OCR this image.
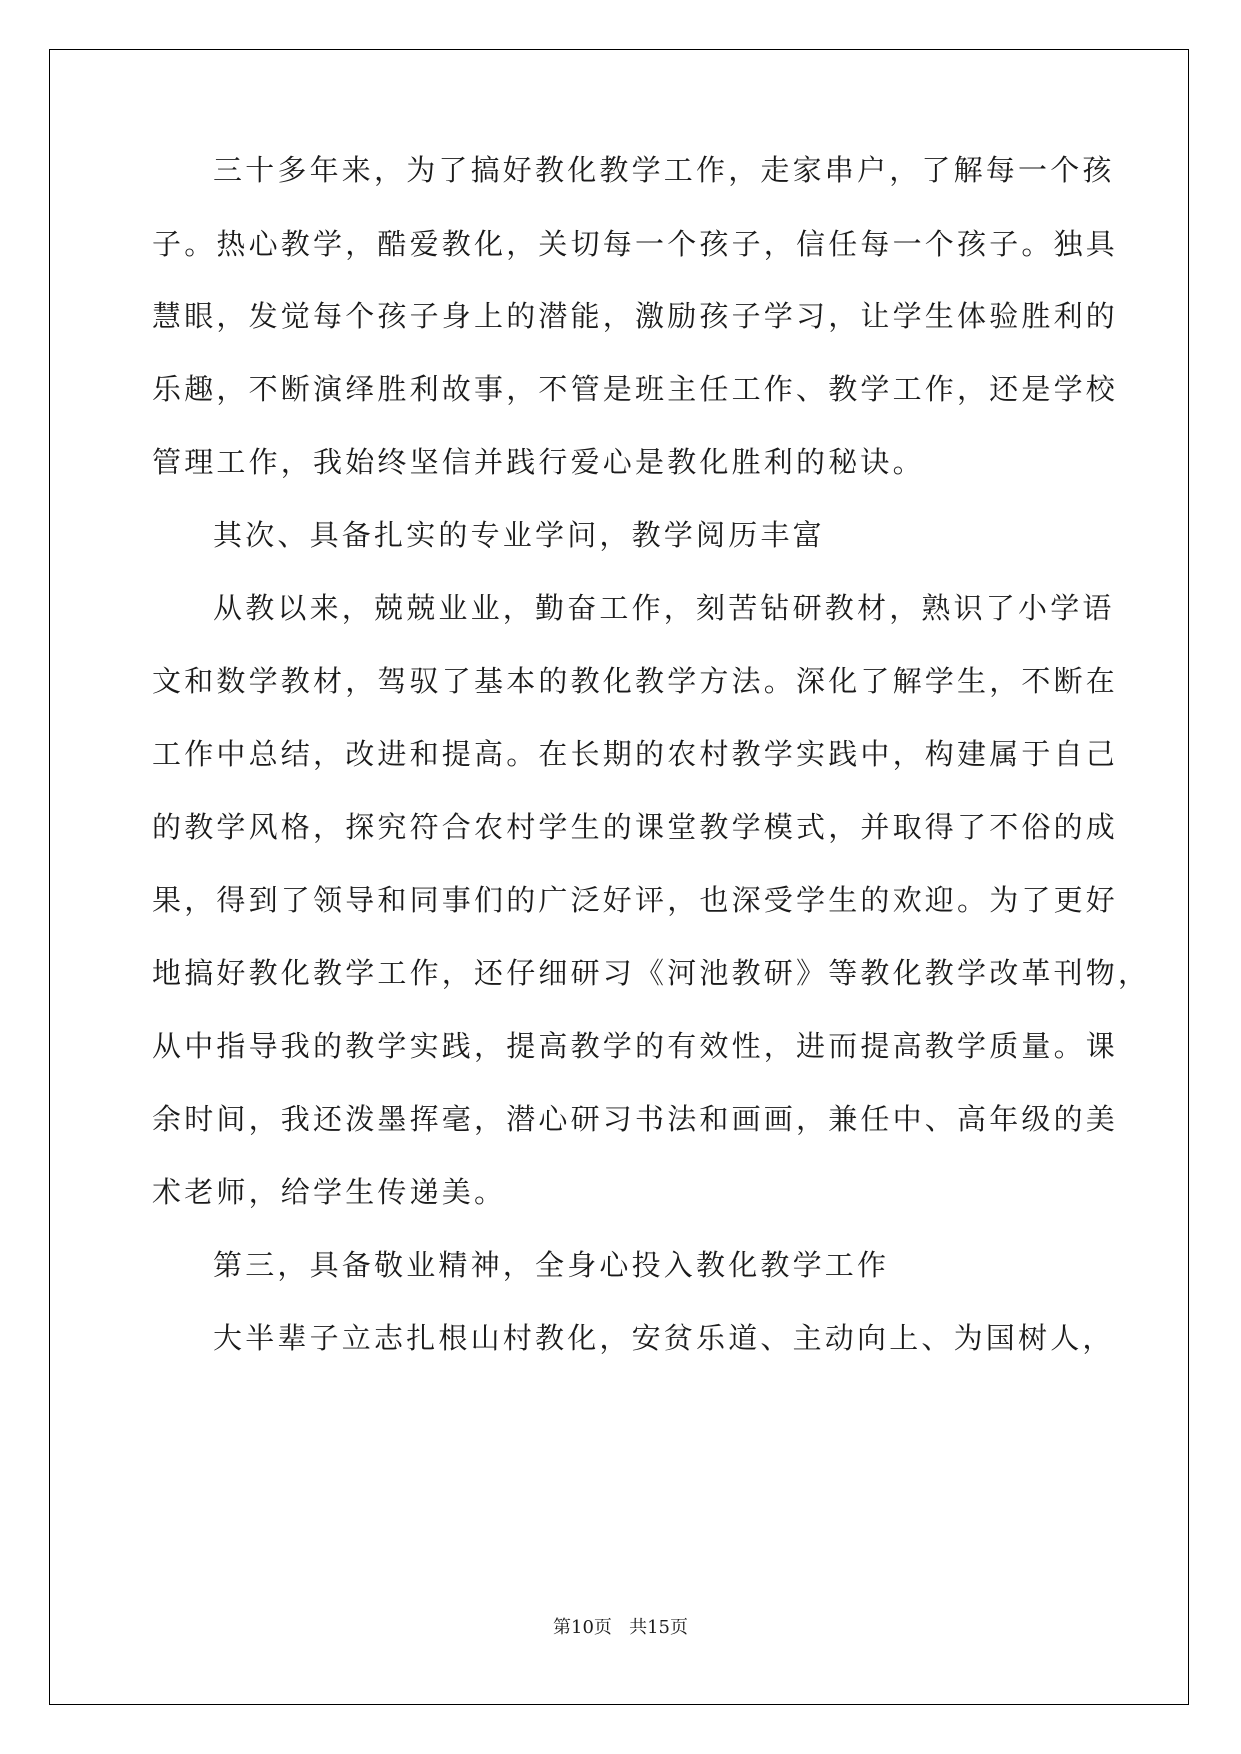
三十多年来，为了搞好教化教学工作，走家串户，了解每一个孩
子。热心教学，酷爱教化，关切每一个孩子，信任每一个孩子。独具
慧眼，发觉每个孩子身上的潜能，激励孩子学习，让学生体验胜利的
乐趣，不断演绎胜利故事，不管是班主任工作、教学工作，还是学校
管理工作，我始终坚信并践行爱心是教化胜利的秘诀。
其次、具备扎实的专业学问，教学阅历丰富
从教以来，兢兢业业，勤奋工作，刻苦钻研教材，熟识了小学语
文和数学教材，驾驭了基本的教化教学方法。深化了解学生，不断在
工作中总结，改进和提高。在长期的农村教学实践中，构建属于自己
的教学风格，探究符合农村学生的课堂教学模式，并取得了不俗的成
果，得到了领导和同事们的广泛好评，也深受学生的欢迎。为了更好
地搞好教化教学工作，还仔细研习《河池教研》等教化教学改革刊物，
从中指导我的教学实践，提高教学的有效性，进而提高教学质量。课
余时间，我还泼墨挥毫，潜心研习书法和画画，兼任中、高年级的美
术老师，给学生传递美。
第三，具备敬业精神，全身心投入教化教学工作
大半辈子立志扎根山村教化，安贫乐道、主动向上、为国树人，
第10页 共15页
